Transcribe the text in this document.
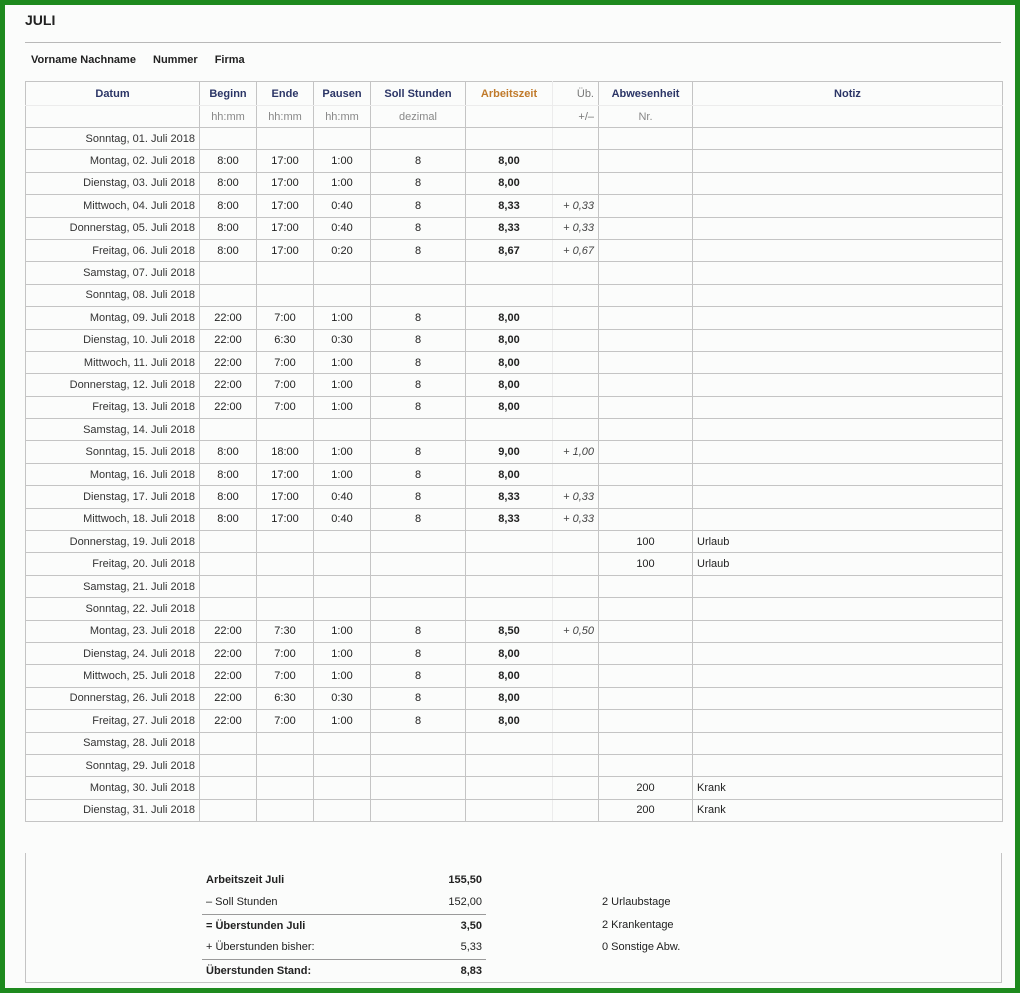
JULI
Vorname Nachname Nummer Firma
Datum	Beginn	Ende	Pausen	Soll Stunden	Arbeitszeit	Üb.	Abwesenheit	Notiz
	hh:mm	hh:mm	hh:mm	dezimal		+/–	Nr.	
Sonntag, 01. Juli 2018								
Montag, 02. Juli 2018	8:00	17:00	1:00	8	8,00			
Dienstag, 03. Juli 2018	8:00	17:00	1:00	8	8,00			
Mittwoch, 04. Juli 2018	8:00	17:00	0:40	8	8,33	+ 0,33		
Donnerstag, 05. Juli 2018	8:00	17:00	0:40	8	8,33	+ 0,33		
Freitag, 06. Juli 2018	8:00	17:00	0:20	8	8,67	+ 0,67		
Samstag, 07. Juli 2018								
Sonntag, 08. Juli 2018								
Montag, 09. Juli 2018	22:00	7:00	1:00	8	8,00			
Dienstag, 10. Juli 2018	22:00	6:30	0:30	8	8,00			
Mittwoch, 11. Juli 2018	22:00	7:00	1:00	8	8,00			
Donnerstag, 12. Juli 2018	22:00	7:00	1:00	8	8,00			
Freitag, 13. Juli 2018	22:00	7:00	1:00	8	8,00			
Samstag, 14. Juli 2018								
Sonntag, 15. Juli 2018	8:00	18:00	1:00	8	9,00	+ 1,00		
Montag, 16. Juli 2018	8:00	17:00	1:00	8	8,00			
Dienstag, 17. Juli 2018	8:00	17:00	0:40	8	8,33	+ 0,33		
Mittwoch, 18. Juli 2018	8:00	17:00	0:40	8	8,33	+ 0,33		
Donnerstag, 19. Juli 2018							100	Urlaub
Freitag, 20. Juli 2018							100	Urlaub
Samstag, 21. Juli 2018								
Sonntag, 22. Juli 2018								
Montag, 23. Juli 2018	22:00	7:30	1:00	8	8,50	+ 0,50		
Dienstag, 24. Juli 2018	22:00	7:00	1:00	8	8,00			
Mittwoch, 25. Juli 2018	22:00	7:00	1:00	8	8,00			
Donnerstag, 26. Juli 2018	22:00	6:30	0:30	8	8,00			
Freitag, 27. Juli 2018	22:00	7:00	1:00	8	8,00			
Samstag, 28. Juli 2018								
Sonntag, 29. Juli 2018								
Montag, 30. Juli 2018							200	Krank
Dienstag, 31. Juli 2018							200	Krank
Arbeitszeit Juli	155,50
– Soll Stunden	152,00
= Überstunden Juli	3,50
+ Überstunden bisher:	5,33
Überstunden Stand:	8,83
2 Urlaubstage
2 Krankentage
0 Sonstige Abw.
